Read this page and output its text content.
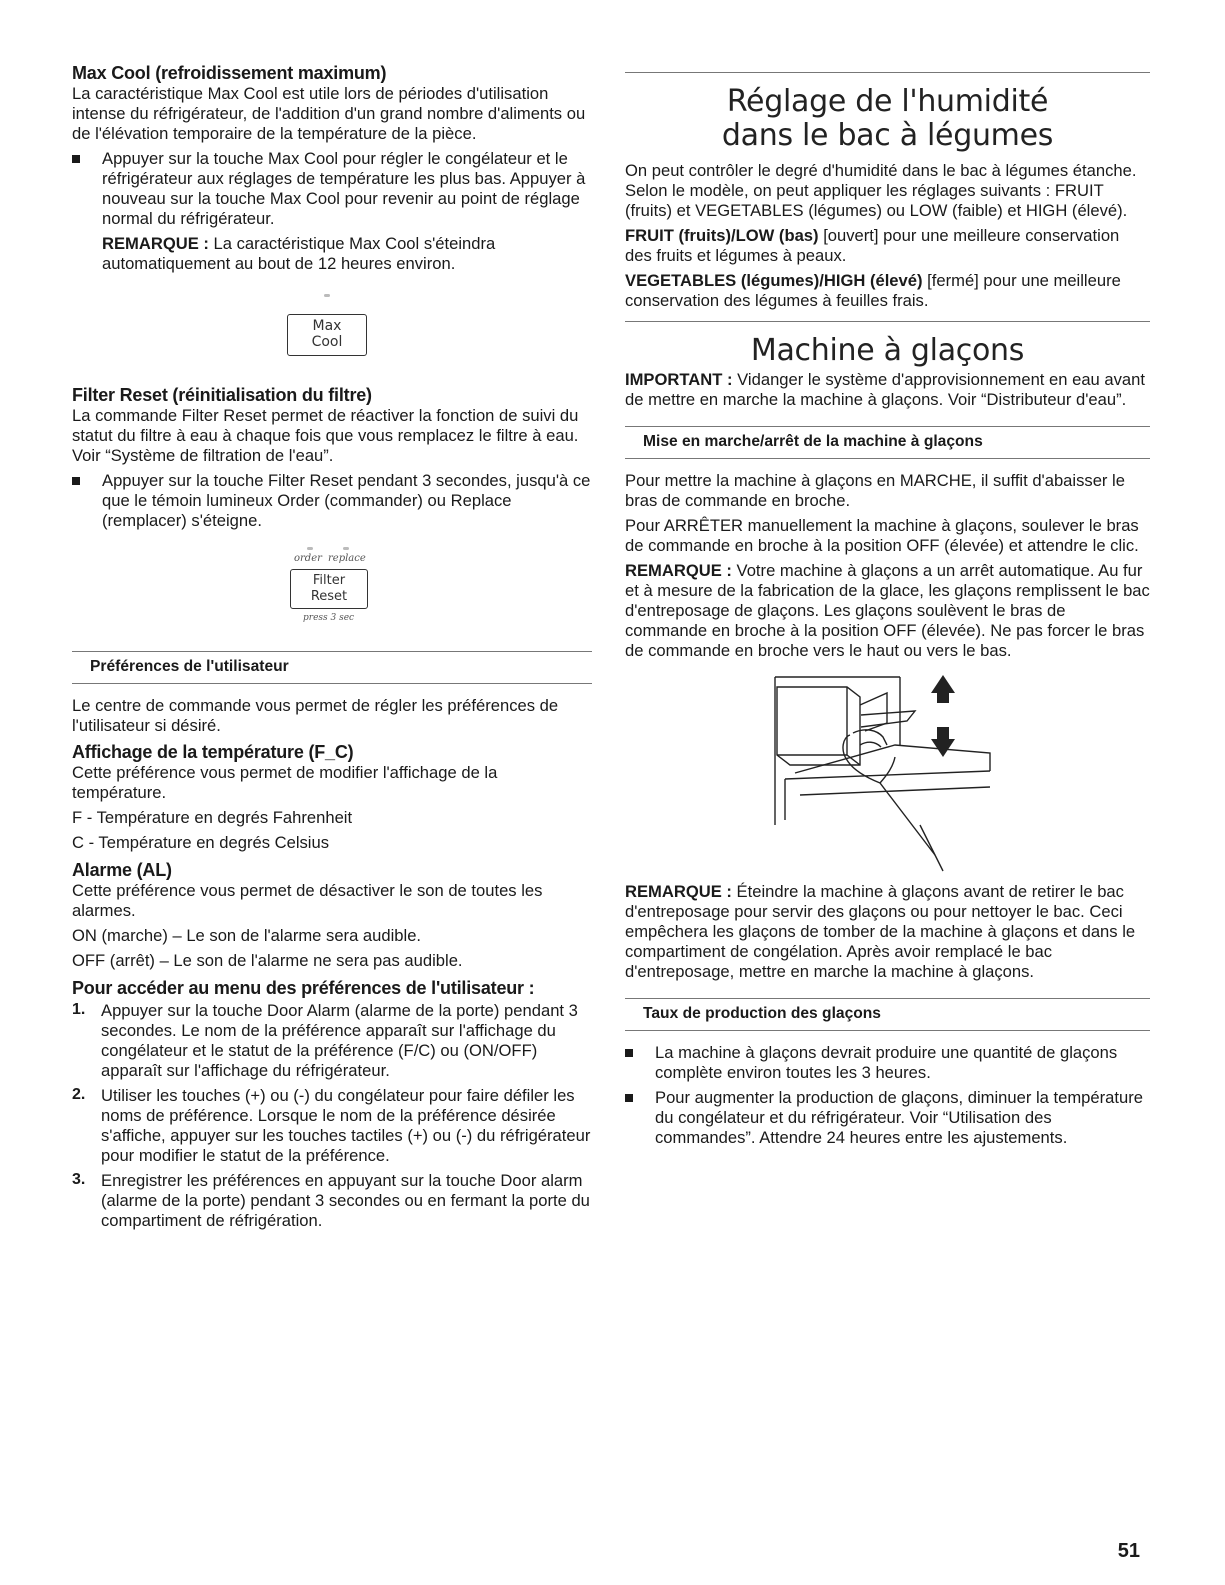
Max Cool (refroidissement maximum)

La caractéristique Max Cool est utile lors de périodes d'utilisation intense du réfrigérateur, de l'addition d'un grand nombre d'aliments ou de l'élévation temporaire de la température de la pièce.

Appuyer sur la touche Max Cool pour régler le congélateur et le réfrigérateur aux réglages de température les plus bas. Appuyer à nouveau sur la touche Max Cool pour revenir au point de réglage normal du réfrigérateur.

REMARQUE : La caractéristique Max Cool s'éteindra automatiquement au bout de 12 heures environ.

Max
Cool
Filter Reset (réinitialisation du filtre)

La commande Filter Reset permet de réactiver la fonction de suivi du statut du filtre à eau à chaque fois que vous remplacez le filtre à eau. Voir “Système de filtration de l'eau”.

Appuyer sur la touche Filter Reset pendant 3 secondes, jusqu'à ce que le témoin lumineux Order (commander) ou Replace (remplacer) s'éteigne.

order replace
Filter
Reset
press 3 sec
Préférences de l'utilisateur

Le centre de commande vous permet de régler les préférences de l'utilisateur si désiré.

Affichage de la température (F_C)

Cette préférence vous permet de modifier l'affichage de la température.

F - Température en degrés Fahrenheit

C - Température en degrés Celsius

Alarme (AL)

Cette préférence vous permet de désactiver le son de toutes les alarmes.

ON (marche) – Le son de l'alarme sera audible.

OFF (arrêt) – Le son de l'alarme ne sera pas audible.

Pour accéder au menu des préférences de l'utilisateur :
1. Appuyer sur la touche Door Alarm (alarme de la porte) pendant 3 secondes. Le nom de la préférence apparaît sur l'affichage du congélateur et le statut de la préférence (F/C) ou (ON/OFF) apparaît sur l'affichage du réfrigérateur.

2. Utiliser les touches (+) ou (-) du congélateur pour faire défiler les noms de préférence. Lorsque le nom de la préférence désirée s'affiche, appuyer sur les touches tactiles (+) ou (-) du réfrigérateur pour modifier le statut de la préférence.

3. Enregistrer les préférences en appuyant sur la touche Door alarm (alarme de la porte) pendant 3 secondes ou en fermant la porte du compartiment de réfrigération.

Réglage de l'humidité
dans le bac à légumes

On peut contrôler le degré d'humidité dans le bac à légumes étanche. Selon le modèle, on peut appliquer les réglages suivants : FRUIT (fruits) et VEGETABLES (légumes) ou LOW (faible) et HIGH (élevé).

FRUIT (fruits)/LOW (bas) [ouvert] pour une meilleure conservation des fruits et légumes à peaux.

VEGETABLES (légumes)/HIGH (élevé) [fermé] pour une meilleure conservation des légumes à feuilles frais.

Machine à glaçons

IMPORTANT : Vidanger le système d'approvisionnement en eau avant de mettre en marche la machine à glaçons. Voir “Distributeur d'eau”.

Mise en marche/arrêt de la machine à glaçons

Pour mettre la machine à glaçons en MARCHE, il suffit d'abaisser le bras de commande en broche.

Pour ARRÊTER manuellement la machine à glaçons, soulever le bras de commande en broche à la position OFF (élevée) et attendre le clic.

REMARQUE : Votre machine à glaçons a un arrêt automatique. Au fur et à mesure de la fabrication de la glace, les glaçons remplissent le bac d'entreposage de glaçons. Les glaçons soulèvent le bras de commande en broche à la position OFF (élevée). Ne pas forcer le bras de commande en broche vers le haut ou vers le bas.

REMARQUE : Éteindre la machine à glaçons avant de retirer le bac d'entreposage pour servir des glaçons ou pour nettoyer le bac. Ceci empêchera les glaçons de tomber de la machine à glaçons et dans le compartiment de congélation. Après avoir remplacé le bac d'entreposage, mettre en marche la machine à glaçons.

Taux de production des glaçons

La machine à glaçons devrait produire une quantité de glaçons complète environ toutes les 3 heures.

Pour augmenter la production de glaçons, diminuer la température du congélateur et du réfrigérateur. Voir “Utilisation des commandes”. Attendre 24 heures entre les ajustements.

51
